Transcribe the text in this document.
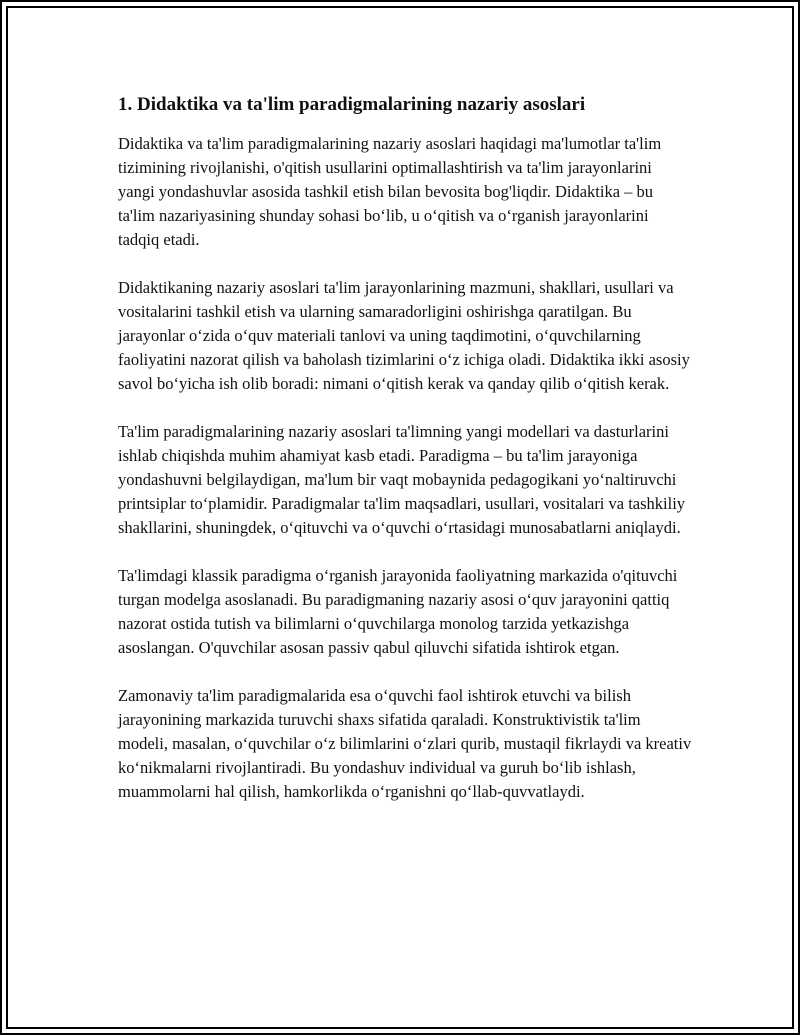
1. Didaktika va ta'lim paradigmalarining nazariy asoslari

Didaktika va ta'lim paradigmalarining nazariy asoslari haqidagi ma'lumotlar ta'lim tizimining rivojlanishi, o'qitish usullarini optimallashtirish va ta'lim jarayonlarini yangi yondashuvlar asosida tashkil etish bilan bevosita bog'liqdir. Didaktika – bu ta'lim nazariyasining shunday sohasi bo‘lib, u o‘qitish va o‘rganish jarayonlarini tadqiq etadi.

Didaktikaning nazariy asoslari ta'lim jarayonlarining mazmuni, shakllari, usullari va vositalarini tashkil etish va ularning samaradorligini oshirishga qaratilgan. Bu jarayonlar o‘zida o‘quv materiali tanlovi va uning taqdimotini, o‘quvchilarning faoliyatini nazorat qilish va baholash tizimlarini o‘z ichiga oladi. Didaktika ikki asosiy savol bo‘yicha ish olib boradi: nimani o‘qitish kerak va qanday qilib o‘qitish kerak.

Ta'lim paradigmalarining nazariy asoslari ta'limning yangi modellari va dasturlarini ishlab chiqishda muhim ahamiyat kasb etadi. Paradigma – bu ta'lim jarayoniga yondashuvni belgilaydigan, ma'lum bir vaqt mobaynida pedagogikani yo‘naltiruvchi printsiplar to‘plamidir. Paradigmalar ta'lim maqsadlari, usullari, vositalari va tashkiliy shakllarini, shuningdek, o‘qituvchi va o‘quvchi o‘rtasidagi munosabatlarni aniqlaydi.

Ta'limdagi klassik paradigma o‘rganish jarayonida faoliyatning markazida o'qituvchi turgan modelga asoslanadi. Bu paradigmaning nazariy asosi o‘quv jarayonini qattiq nazorat ostida tutish va bilimlarni o‘quvchilarga monolog tarzida yetkazishga asoslangan. O'quvchilar asosan passiv qabul qiluvchi sifatida ishtirok etgan.

Zamonaviy ta'lim paradigmalarida esa o‘quvchi faol ishtirok etuvchi va bilish jarayonining markazida turuvchi shaxs sifatida qaraladi. Konstruktivistik ta'lim modeli, masalan, o‘quvchilar o‘z bilimlarini o‘zlari qurib, mustaqil fikrlaydi va kreativ ko‘nikmalarni rivojlantiradi. Bu yondashuv individual va guruh bo‘lib ishlash, muammolarni hal qilish, hamkorlikda o‘rganishni qo‘llab-quvvatlaydi.
